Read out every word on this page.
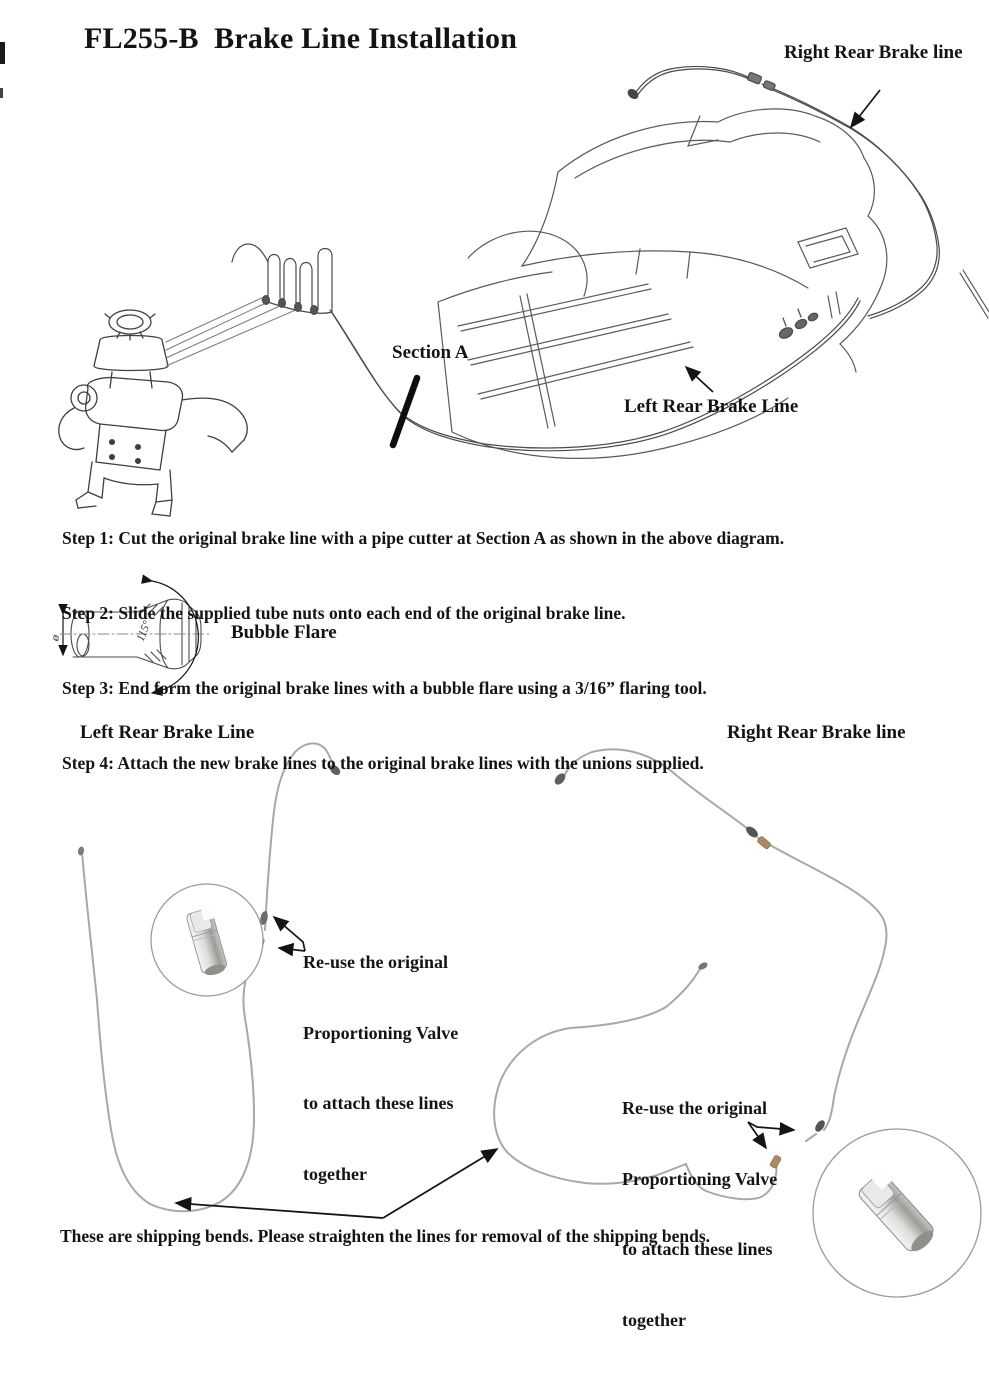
115°
ø
FL255-B  Brake Line Installation	Right Rear Brake line
Section A
Left Rear Brake Line

Step 1: Cut the original brake line with a pipe cutter at Section A as shown in the above diagram.

Step 2: Slide the supplied tube nuts onto each end of the original brake line.

Step 3: End form the original brake lines with a bubble flare using a 3/16” flaring tool.

Step 4: Attach the new brake lines to the original brake lines with the unions supplied.

Bubble Flare
Left Rear Brake Line	Right Rear Brake line

Re-use the original

Proportioning Valve

to attach these lines

together

Re-use the original

Proportioning Valve

to attach these lines

together

These are shipping bends. Please straighten the lines for removal of the shipping bends.
